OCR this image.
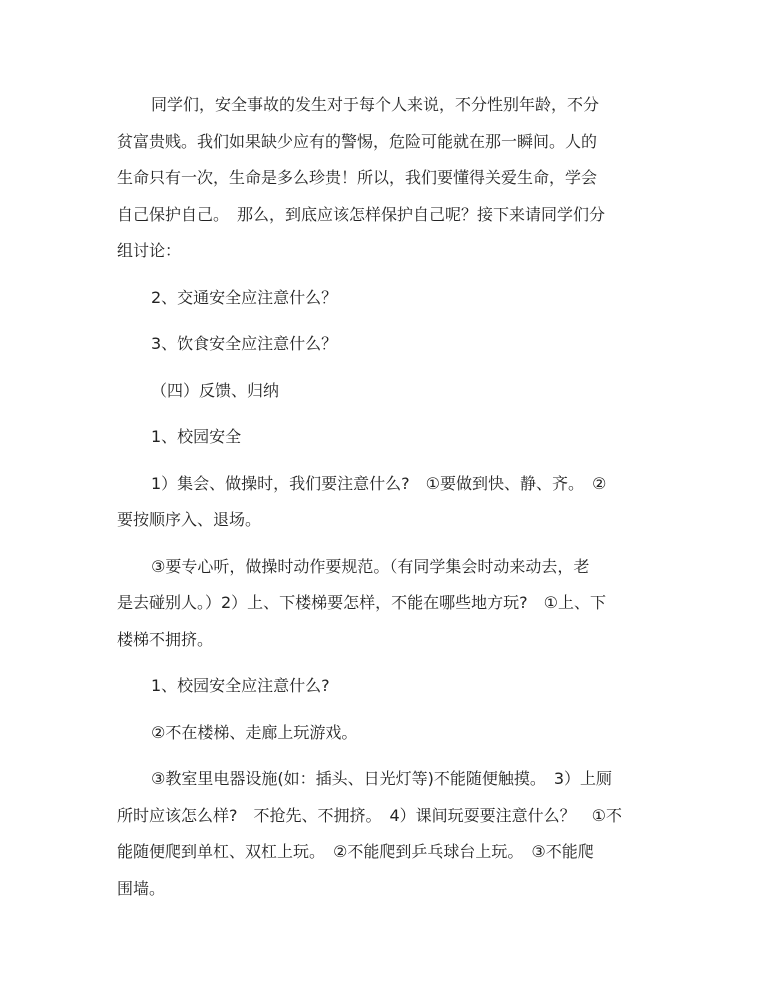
同学们，安全事故的发生对于每个人来说，不分性别年龄，不分
贫富贵贱。我们如果缺少应有的警惕，危险可能就在那一瞬间。人的
生命只有一次，生命是多么珍贵！所以，我们要懂得关爱生命，学会
自己保护自己。　那么，到底应该怎样保护自己呢？接下来请同学们分
组讨论：
2、交通安全应注意什么？
3、饮食安全应注意什么？
（四）反馈、归纳
1、校园安全
1）集会、做操时，我们要注意什么?　①要做到快、静、齐。　②
要按顺序入、退场。
③要专心听，做操时动作要规范。（有同学集会时动来动去，老
是去碰别人。）2）上、下楼梯要怎样，不能在哪些地方玩?　①上、下
楼梯不拥挤。
1、校园安全应注意什么?
②不在楼梯、走廊上玩游戏。
③教室里电器设施(如：插头、日光灯等)不能随便触摸。　3）上厕
所时应该怎么样?　不抢先、不拥挤。　4）课间玩耍要注意什么？　①不
能随便爬到单杠、双杠上玩。　②不能爬到乒乓球台上玩。　③不能爬
围墙。
